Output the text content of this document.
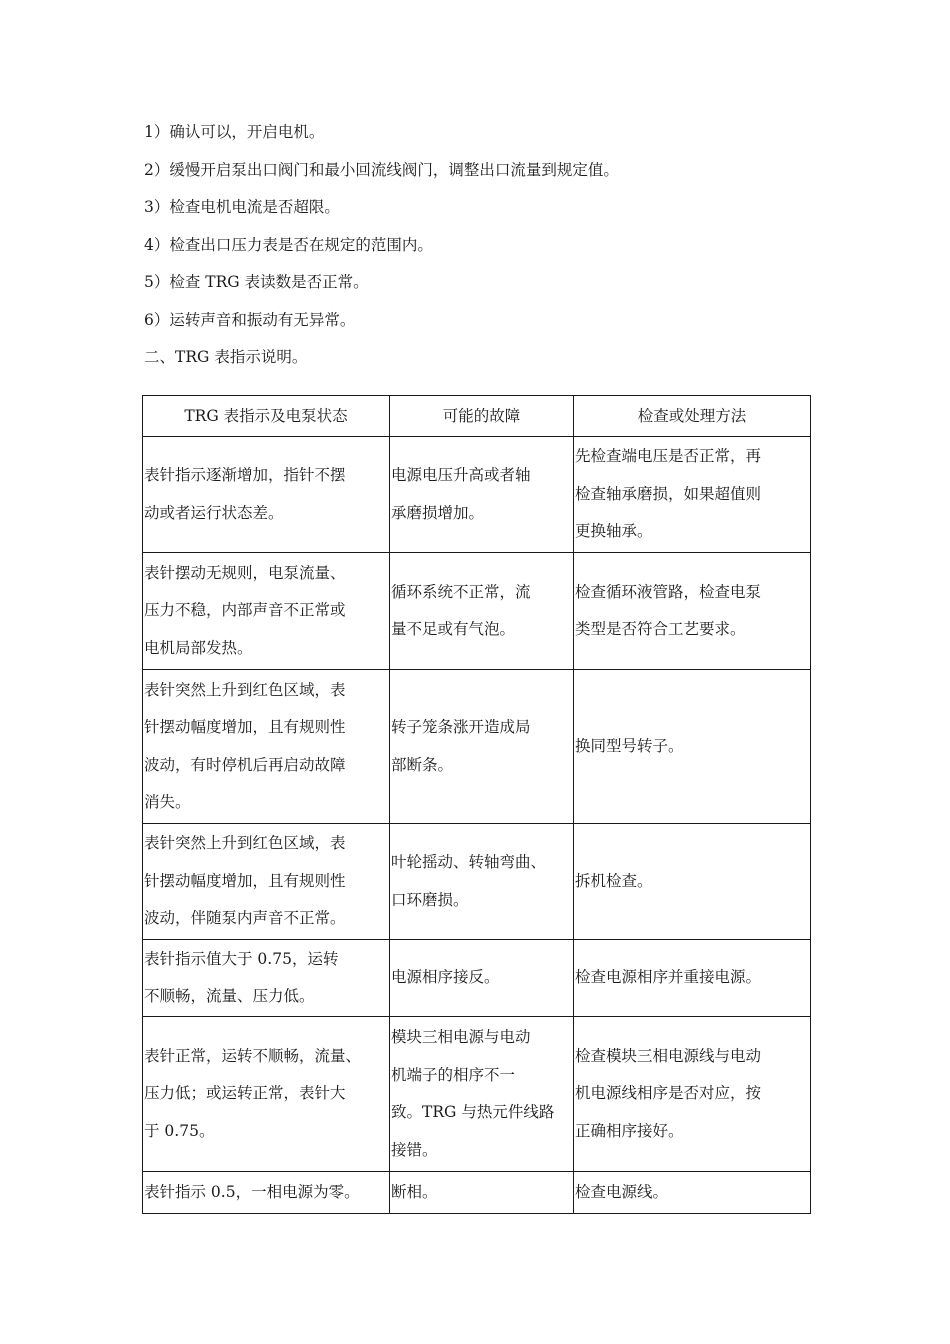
1）确认可以，开启电机。
2）缓慢开启泵出口阀门和最小回流线阀门，调整出口流量到规定值。
3）检查电机电流是否超限。
4）检查出口压力表是否在规定的范围内。
5）检查 TRG 表读数是否正常。
6）运转声音和振动有无异常。
二、TRG 表指示说明。
TRG 表指示及电泵状态	可能的故障	检查或处理方法

表针指示逐渐增加，指针不摆
动或者运行状态差。	电源电压升高或者轴
承磨损增加。	先检查端电压是否正常，再
检查轴承磨损，如果超值则
更换轴承。

表针摆动无规则，电泵流量、
压力不稳，内部声音不正常或
电机局部发热。	循环系统不正常，流
量不足或有气泡。	检查循环液管路，检查电泵
类型是否符合工艺要求。

表针突然上升到红色区域，表
针摆动幅度增加，且有规则性
波动，有时停机后再启动故障
消失。	转子笼条涨开造成局
部断条。	换同型号转子。

表针突然上升到红色区域，表
针摆动幅度增加，且有规则性
波动，伴随泵内声音不正常。	叶轮摇动、转轴弯曲、
口环磨损。	拆机检查。

表针指示值大于 0.75，运转
不顺畅，流量、压力低。	电源相序接反。	检查电源相序并重接电源。

表针正常，运转不顺畅，流量、
压力低；或运转正常，表针大
于 0.75。	模块三相电源与电动
机端子的相序不一
致。TRG 与热元件线路
接错。	检查模块三相电源线与电动
机电源线相序是否对应，按
正确相序接好。

表针指示 0.5，一相电源为零。	断相。	检查电源线。
